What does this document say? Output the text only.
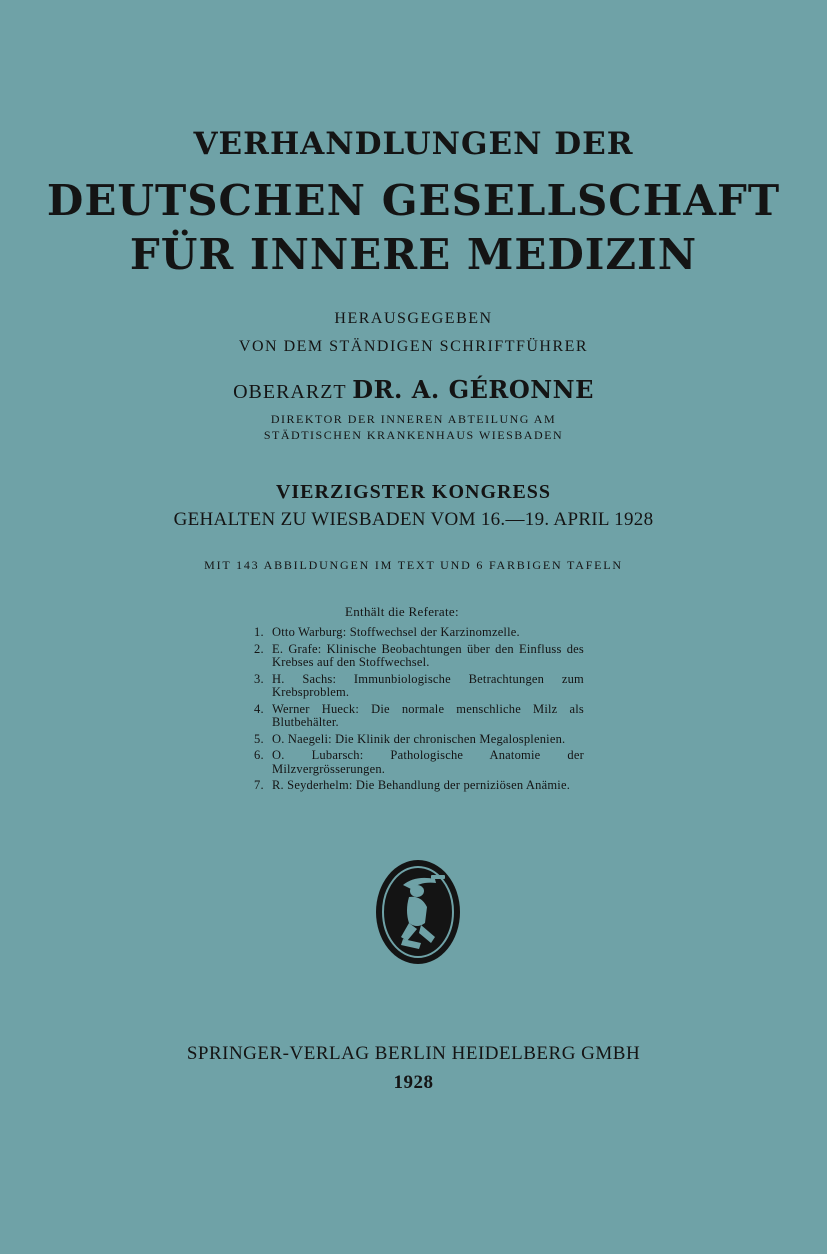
VERHANDLUNGEN DER
DEUTSCHEN GESELLSCHAFT
FÜR INNERE MEDIZIN
HERAUSGEGEBEN
VON DEM STÄNDIGEN SCHRIFTFÜHRER
OBERARZT DR. A. GÉRONNE
DIREKTOR DER INNEREN ABTEILUNG AM
STÄDTISCHEN KRANKENHAUS WIESBADEN
VIERZIGSTER KONGRESS
GEHALTEN ZU WIESBADEN VOM 16.—19. APRIL 1928
MIT 143 ABBILDUNGEN IM TEXT UND 6 FARBIGEN TAFELN
Enthält die Referate:
1. Otto Warburg: Stoffwechsel der Karzinomzelle.
2. E. Grafe: Klinische Beobachtungen über den Einfluss des Krebses auf den Stoffwechsel.
3. H. Sachs: Immunbiologische Betrachtungen zum Krebsproblem.
4. Werner Hueck: Die normale menschliche Milz als Blutbehälter.
5. O. Naegeli: Die Klinik der chronischen Megalosplenien.
6. O. Lubarsch: Pathologische Anatomie der Milzvergrösserungen.
7. R. Seyderhelm: Die Behandlung der perniziösen Anämie.
SPRINGER-VERLAG BERLIN HEIDELBERG GMBH
1928
